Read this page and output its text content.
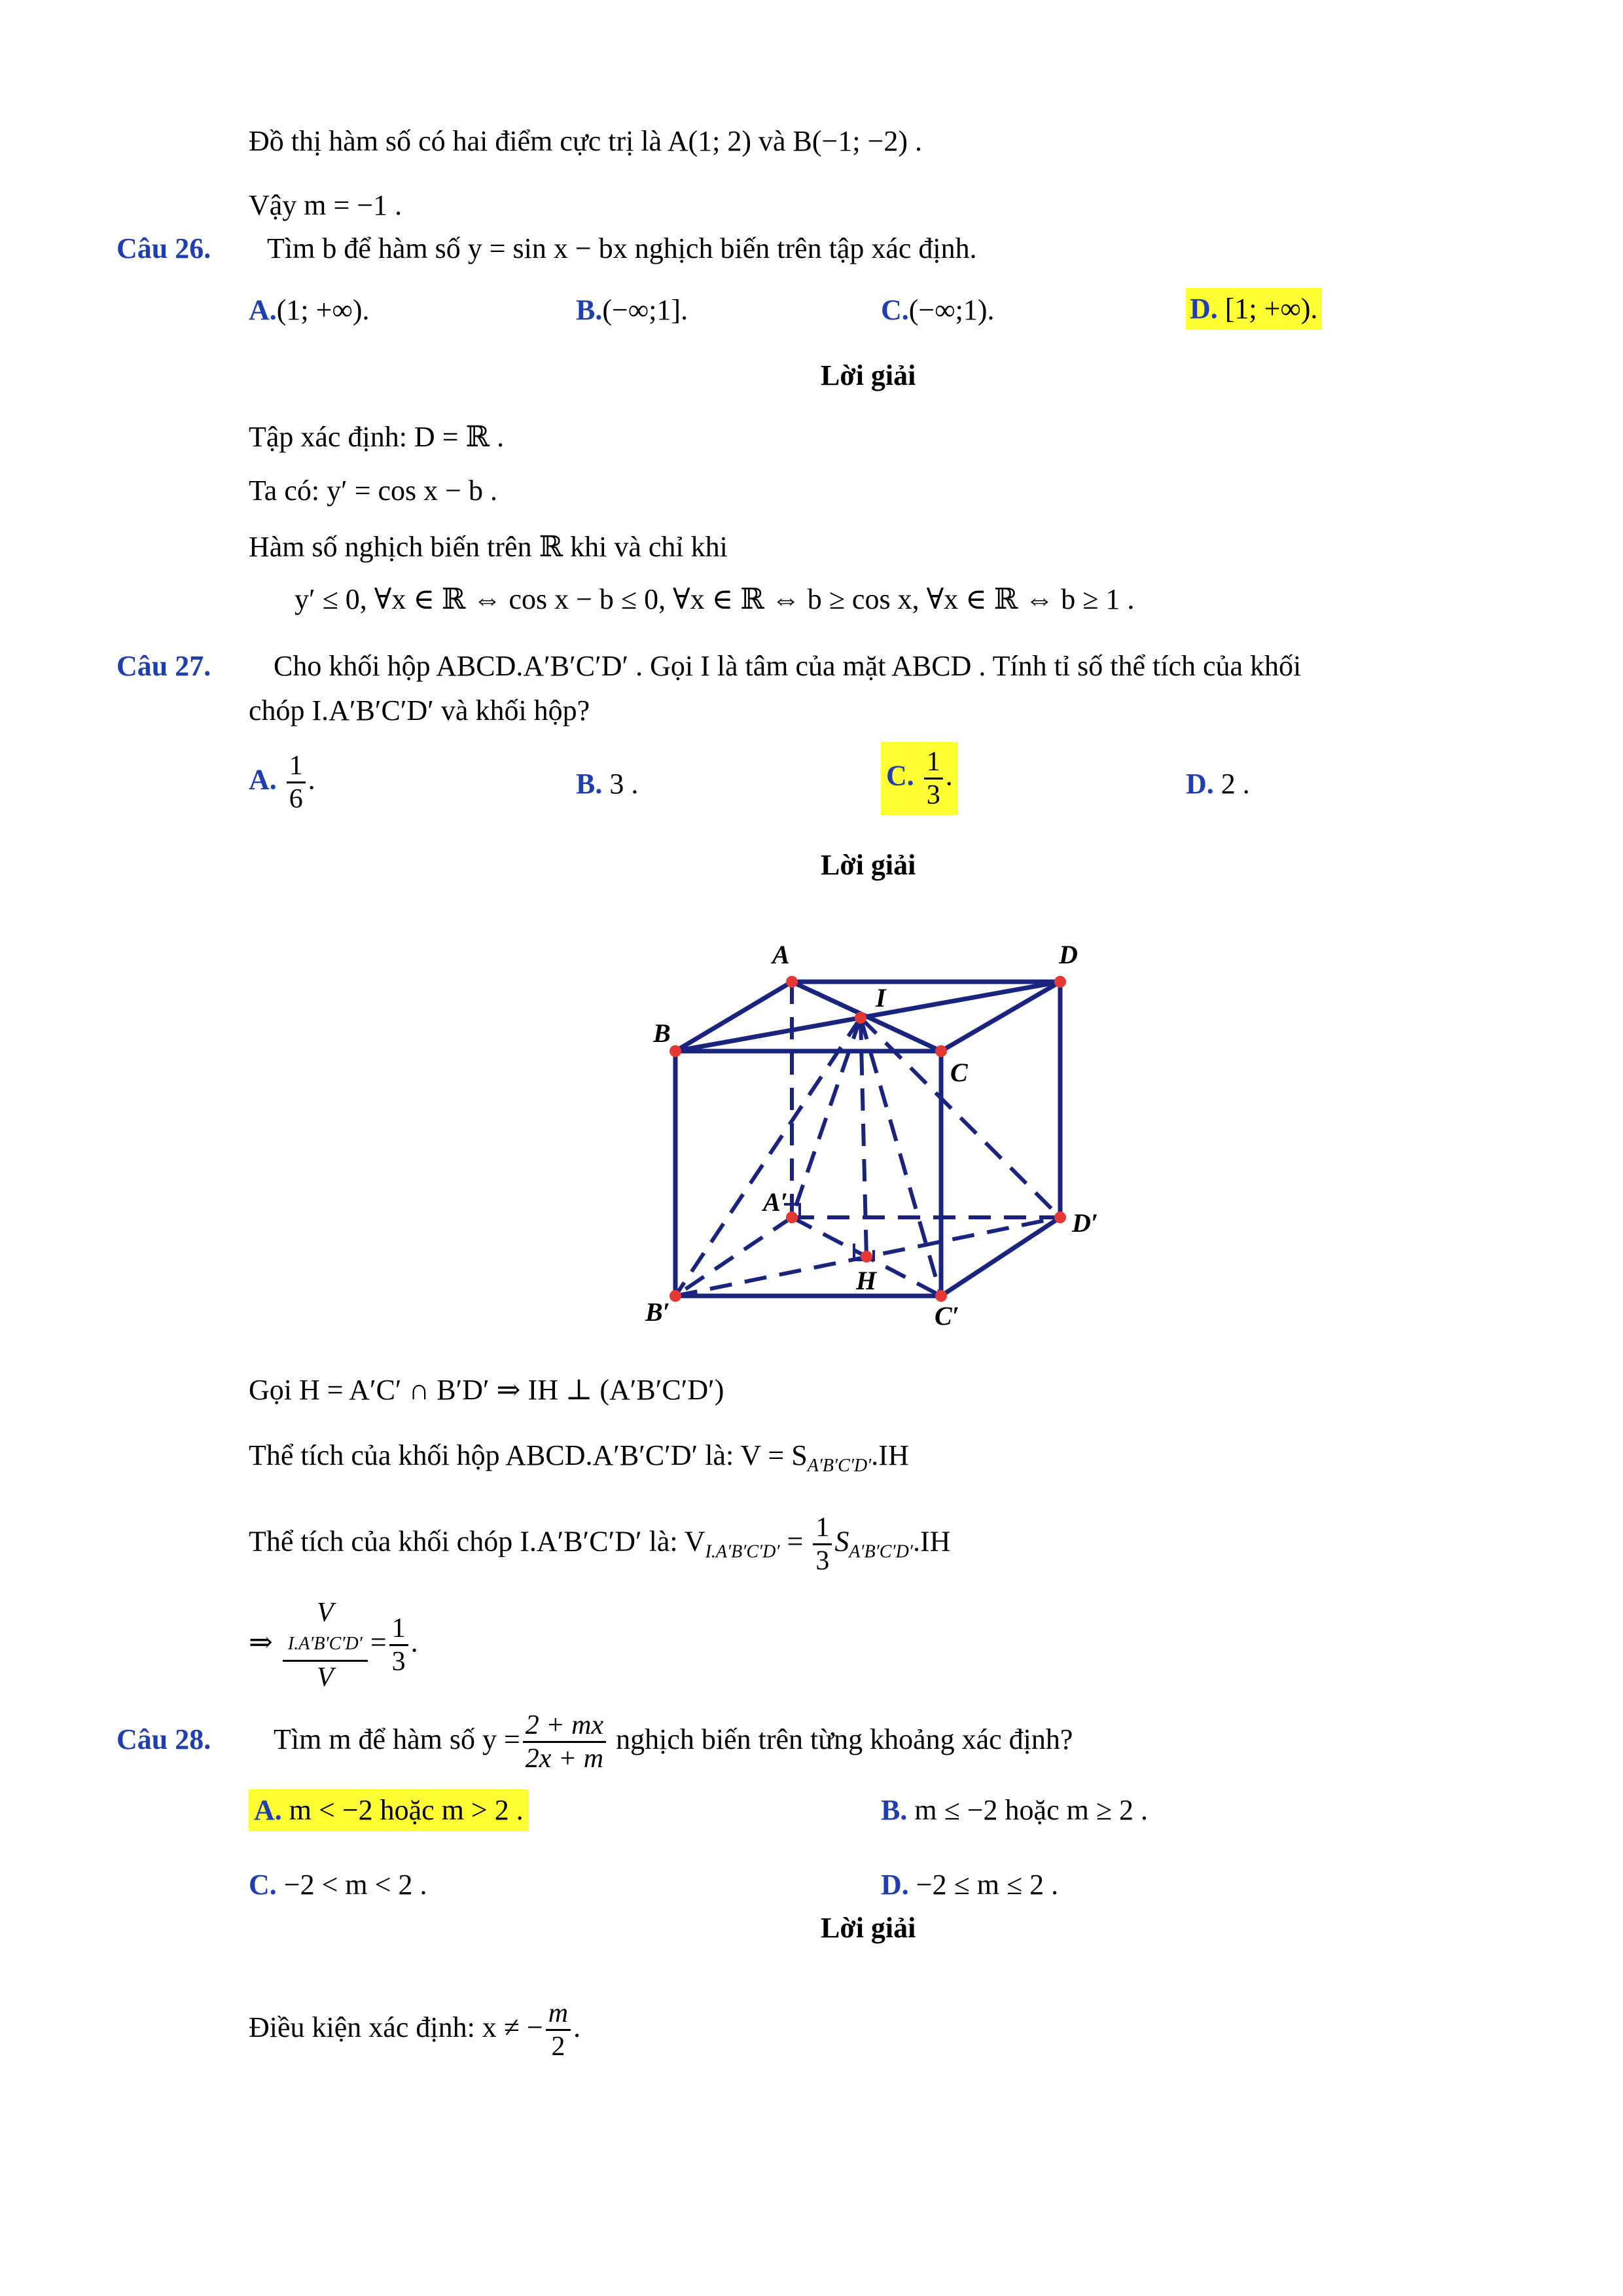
Đồ thị hàm số có hai điểm cực trị là A(1; 2) và B(−1; −2) .
Vậy m = −1 .
Câu 26. Tìm b để hàm số y = sin x − bx nghịch biến trên tập xác định.
A.(1; +∞).	B.(−∞;1].	C.(−∞;1).	D. [1; +∞).
Lời giải
Tập xác định: D = ℝ .
Ta có: y′ = cos x − b .
Hàm số nghịch biến trên ℝ khi và chỉ khi
y′ ≤ 0, ∀x ∈ ℝ ⇔ cos x − b ≤ 0, ∀x ∈ ℝ ⇔ b ≥ cos x, ∀x ∈ ℝ ⇔ b ≥ 1 .
Câu 27. Cho khối hộp ABCD.A′B′C′D′ . Gọi I là tâm của mặt ABCD . Tính tỉ số thể tích của khối
chóp I.A′B′C′D′ và khối hộp?
A. $\frac{1}{6}$ .	B. 3 .	C. $\frac{1}{3}$ .	D. 2 .
Lời giải
A	D
I
B
C
A′
D′
H
B′	C′
Gọi H = A′C′ ∩ B′D′ ⇒ IH ⊥ (A′B′C′D′)
Thể tích của khối hộp ABCD.A′B′C′D′ là: $V = S_{A'B'C'D'}.IH$
Thể tích của khối chóp I.A′B′C′D′ là: $V_{I.A'B'C'D'} = \frac{1}{3} S_{A'B'C'D'}.IH$
⇒ V
I.A′B′C′D′
$V = \frac{1}{3}$ .
Câu 28. Tìm m để hàm số $y = \frac{2 + mx}{2x + m}$ nghịch biến trên từng khoảng xác định?
A. m < −2 hoặc m > 2 .	B. m ≤ −2 hoặc m ≥ 2 .
C. −2 < m < 2 .	D. −2 ≤ m ≤ 2 .
Lời giải
Điều kiện xác định: x ≠ − $\frac{m}{2}$ .
